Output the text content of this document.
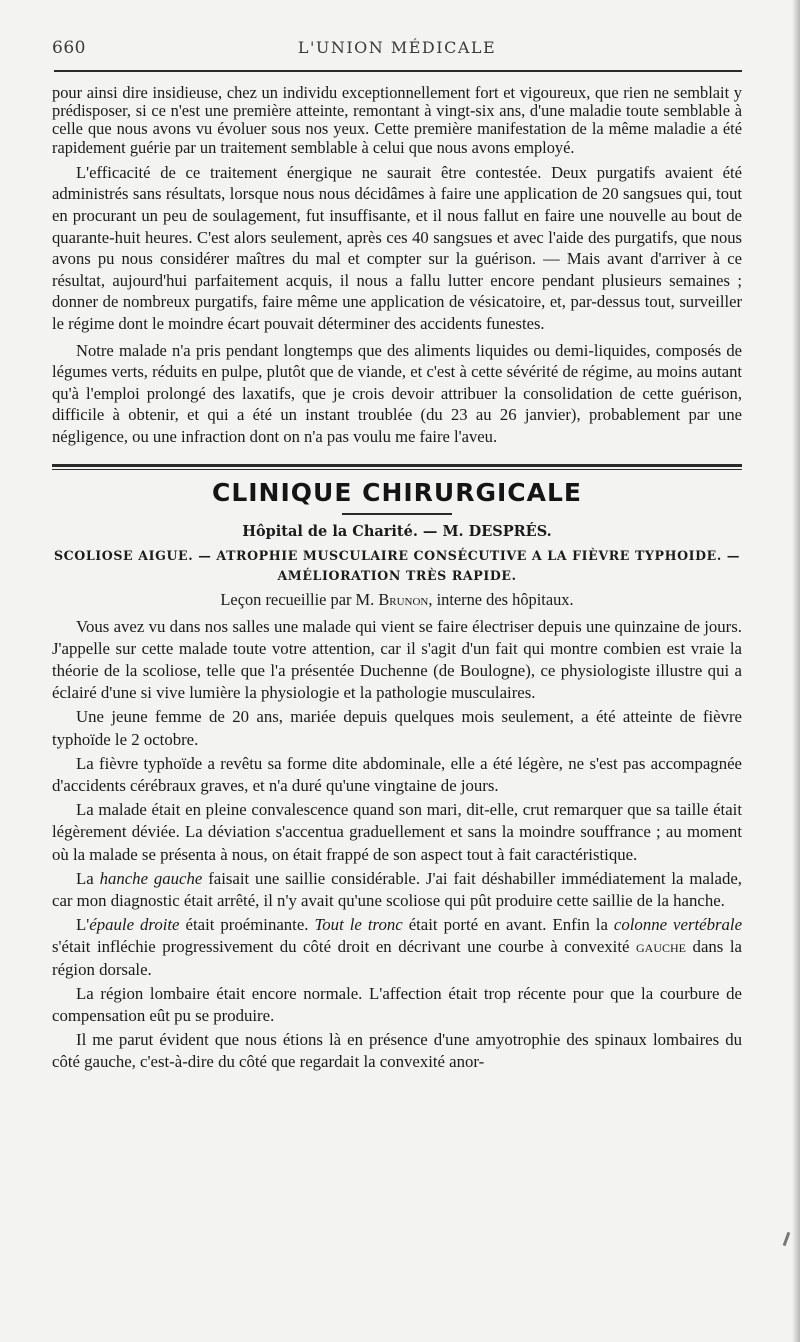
660	L'UNION MÉDICALE

pour ainsi dire insidieuse, chez un individu exceptionnellement fort et vigoureux, que rien ne semblait y prédisposer, si ce n'est une première atteinte, remontant à vingt-six ans, d'une maladie toute semblable à celle que nous avons vu évoluer sous nos yeux. Cette première manifestation de la même maladie a été rapidement guérie par un traitement semblable à celui que nous avons employé.

L'efficacité de ce traitement énergique ne saurait être contestée. Deux purgatifs avaient été administrés sans résultats, lorsque nous nous décidâmes à faire une application de 20 sangsues qui, tout en procurant un peu de soulagement, fut insuffisante, et il nous fallut en faire une nouvelle au bout de quarante-huit heures. C'est alors seulement, après ces 40 sangsues et avec l'aide des purgatifs, que nous avons pu nous considérer maîtres du mal et compter sur la guérison. — Mais avant d'arriver à ce résultat, aujourd'hui parfaitement acquis, il nous a fallu lutter encore pendant plusieurs semaines ; donner de nombreux purgatifs, faire même une application de vésicatoire, et, par-dessus tout, surveiller le régime dont le moindre écart pouvait déterminer des accidents funestes.

Notre malade n'a pris pendant longtemps que des aliments liquides ou demi-liquides, composés de légumes verts, réduits en pulpe, plutôt que de viande, et c'est à cette sévérité de régime, au moins autant qu'à l'emploi prolongé des laxatifs, que je crois devoir attribuer la consolidation de cette guérison, difficile à obtenir, et qui a été un instant troublée (du 23 au 26 janvier), probablement par une négligence, ou une infraction dont on n'a pas voulu me faire l'aveu.

CLINIQUE CHIRURGICALE
Hôpital de la Charité. — M. DESPRÉS.
SCOLIOSE AIGUE. — ATROPHIE MUSCULAIRE CONSÉCUTIVE A LA FIÈVRE TYPHOIDE. —
AMÉLIORATION TRÈS RAPIDE.
Leçon recueillie par M. Brunon, interne des hôpitaux.

Vous avez vu dans nos salles une malade qui vient se faire électriser depuis une quinzaine de jours. J'appelle sur cette malade toute votre attention, car il s'agit d'un fait qui montre combien est vraie la théorie de la scoliose, telle que l'a présentée Duchenne (de Boulogne), ce physiologiste illustre qui a éclairé d'une si vive lumière la physiologie et la pathologie musculaires.

Une jeune femme de 20 ans, mariée depuis quelques mois seulement, a été atteinte de fièvre typhoïde le 2 octobre.

La fièvre typhoïde a revêtu sa forme dite abdominale, elle a été légère, ne s'est pas accompagnée d'accidents cérébraux graves, et n'a duré qu'une vingtaine de jours.

La malade était en pleine convalescence quand son mari, dit-elle, crut remarquer que sa taille était légèrement déviée. La déviation s'accentua graduellement et sans la moindre souffrance ; au moment où la malade se présenta à nous, on était frappé de son aspect tout à fait caractéristique.

La hanche gauche faisait une saillie considérable. J'ai fait déshabiller immédiatement la malade, car mon diagnostic était arrêté, il n'y avait qu'une scoliose qui pût produire cette saillie de la hanche.

L'épaule droite était proéminante. Tout le tronc était porté en avant. Enfin la colonne vertébrale s'était infléchie progressivement du côté droit en décrivant une courbe à convexité gauche dans la région dorsale.

La région lombaire était encore normale. L'affection était trop récente pour que la courbure de compensation eût pu se produire.

Il me parut évident que nous étions là en présence d'une amyotrophie des spinaux lombaires du côté gauche, c'est-à-dire du côté que regardait la convexité anor-
